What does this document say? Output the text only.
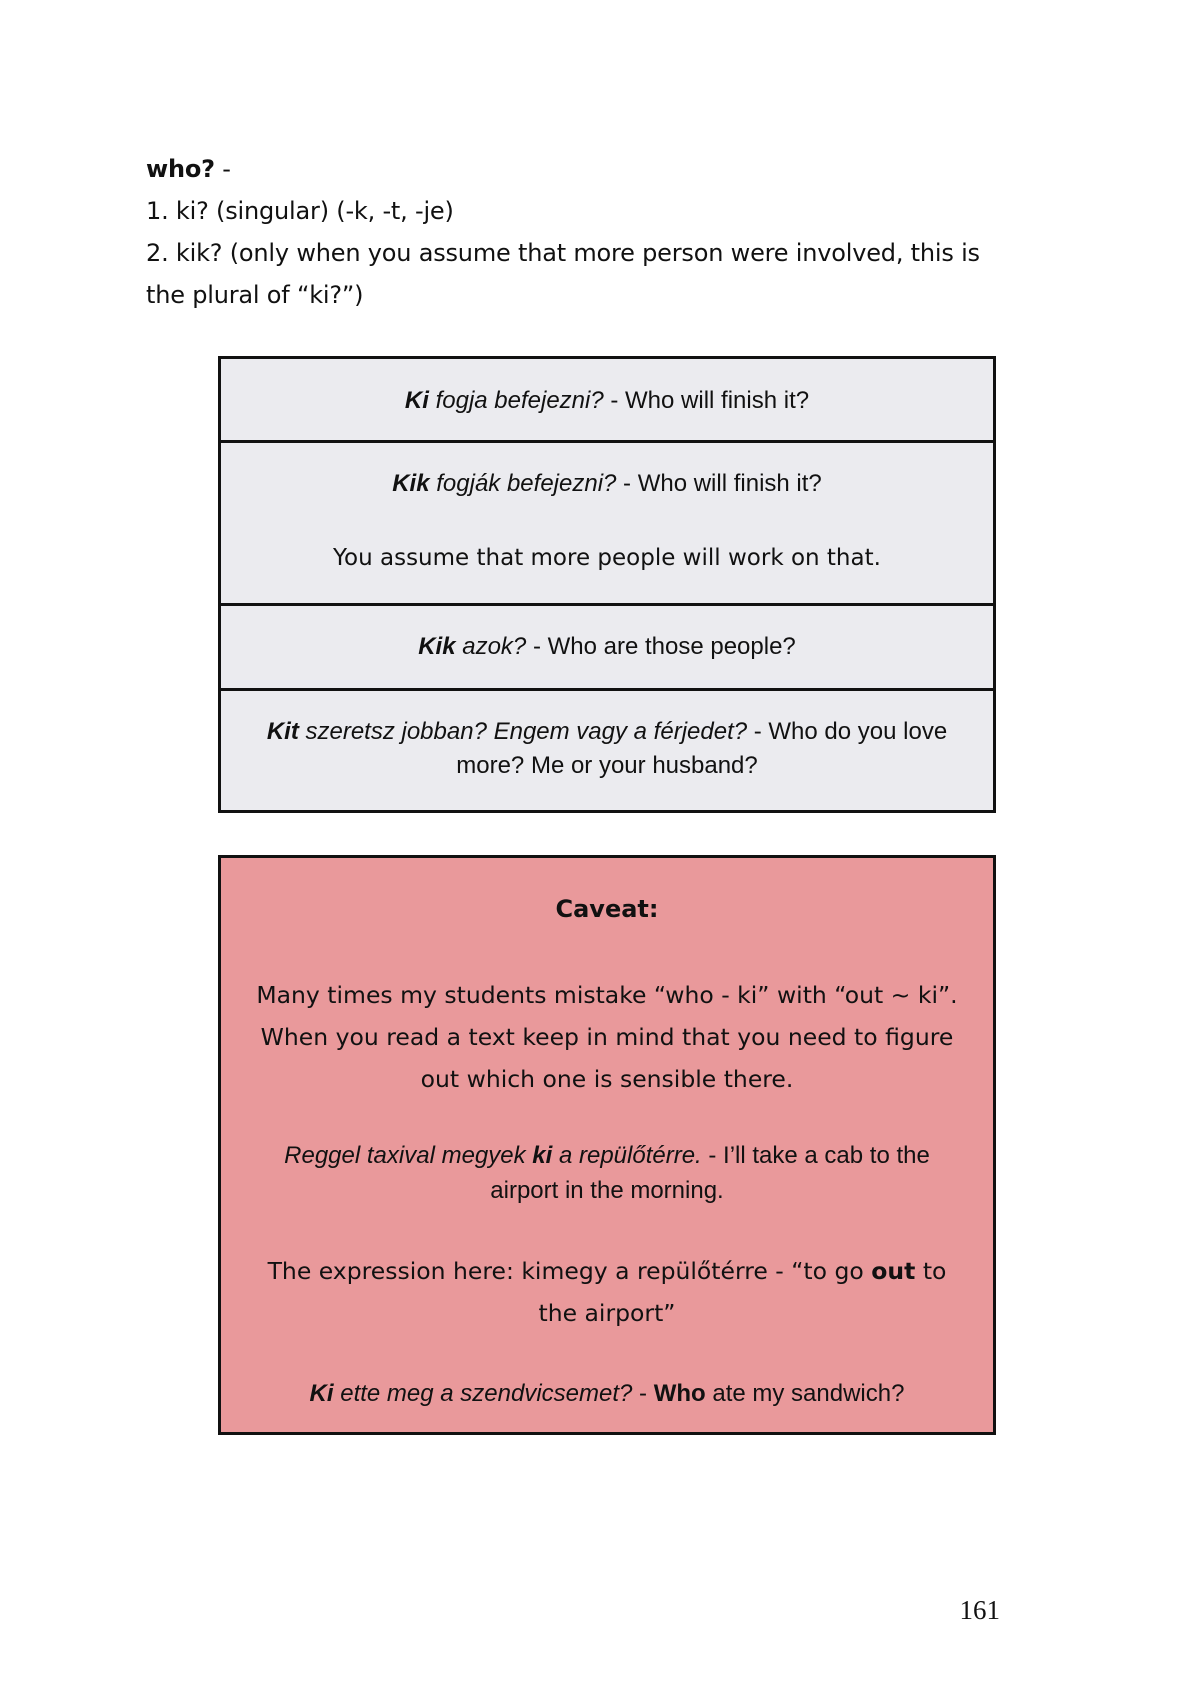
who? -

1. ki? (singular) (-k, -t, -je)

2. kik? (only when you assume that more person were involved, this is the plural of “ki?”)

Ki fogja befejezni? - Who will finish it?
Kik fogják befejezni? - Who will finish it?
You assume that more people will work on that.
Kik azok? - Who are those people?
Kit szeretsz jobban? Engem vagy a férjedet? - Who do you love more? Me or your husband?

Caveat:

Many times my students mistake “who - ki” with “out ~ ki”. When you read a text keep in mind that you need to figure out which one is sensible there.

Reggel taxival megyek ki a repülőtérre. - I’ll take a cab to the airport in the morning.

The expression here: kimegy a repülőtérre - “to go out to the airport”

Ki ette meg a szendvicsemet? - Who ate my sandwich?

161
